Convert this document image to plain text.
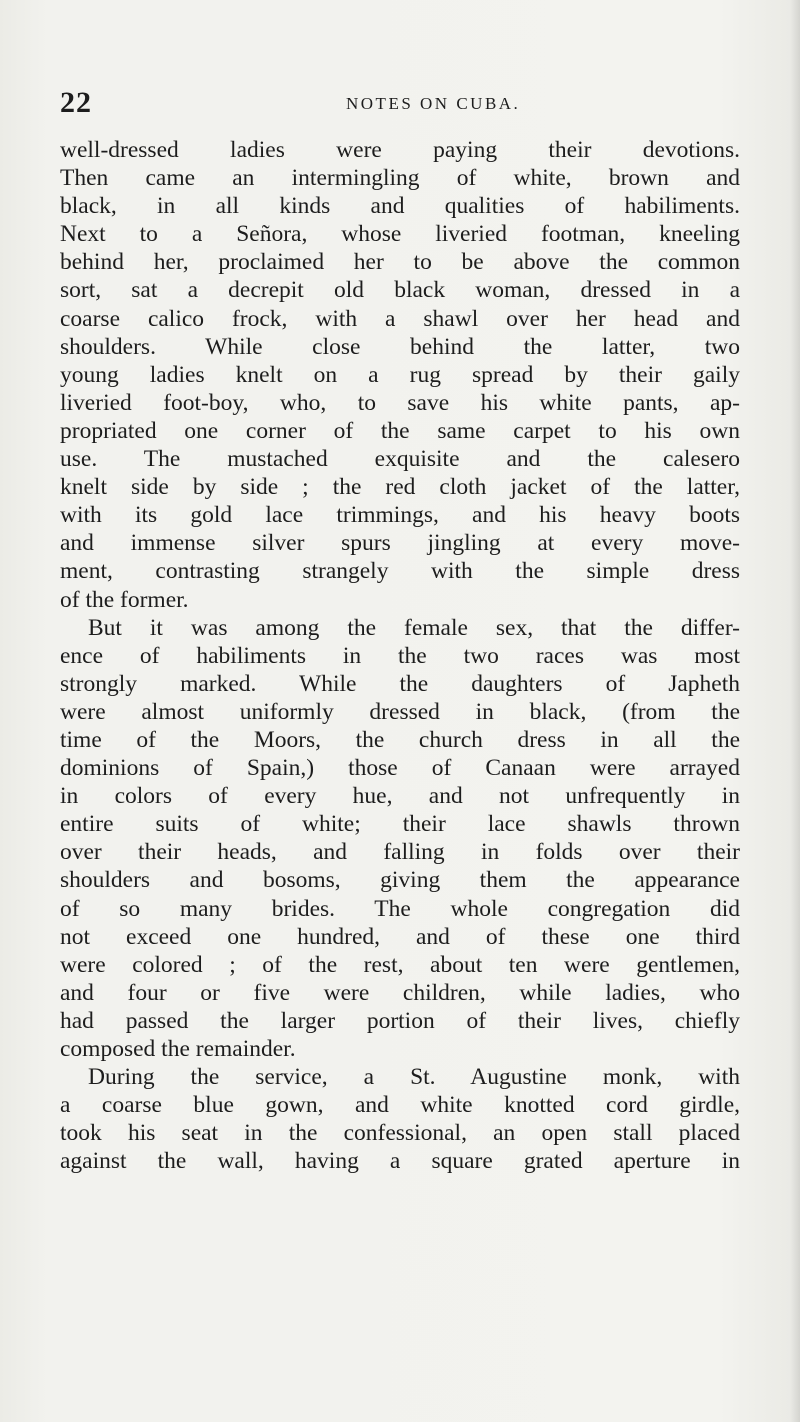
22	NOTES ON CUBA.
well-dressed ladies were paying their devotions.
Then came an intermingling of white, brown and
black, in all kinds and qualities of habiliments.
Next to a Señora, whose liveried footman, kneeling
behind her, proclaimed her to be above the common
sort, sat a decrepit old black woman, dressed in a
coarse calico frock, with a shawl over her head and
shoulders. While close behind the latter, two
young ladies knelt on a rug spread by their gaily
liveried foot-boy, who, to save his white pants, ap-
propriated one corner of the same carpet to his own
use. The mustached exquisite and the calesero
knelt side by side ; the red cloth jacket of the latter,
with its gold lace trimmings, and his heavy boots
and immense silver spurs jingling at every move-
ment, contrasting strangely with the simple dress
of the former.
But it was among the female sex, that the differ-
ence of habiliments in the two races was most
strongly marked. While the daughters of Japheth
were almost uniformly dressed in black, (from the
time of the Moors, the church dress in all the
dominions of Spain,) those of Canaan were arrayed
in colors of every hue, and not unfrequently in
entire suits of white; their lace shawls thrown
over their heads, and falling in folds over their
shoulders and bosoms, giving them the appearance
of so many brides. The whole congregation did
not exceed one hundred, and of these one third
were colored ; of the rest, about ten were gentlemen,
and four or five were children, while ladies, who
had passed the larger portion of their lives, chiefly
composed the remainder.
During the service, a St. Augustine monk, with
a coarse blue gown, and white knotted cord girdle,
took his seat in the confessional, an open stall placed
against the wall, having a square grated aperture in
